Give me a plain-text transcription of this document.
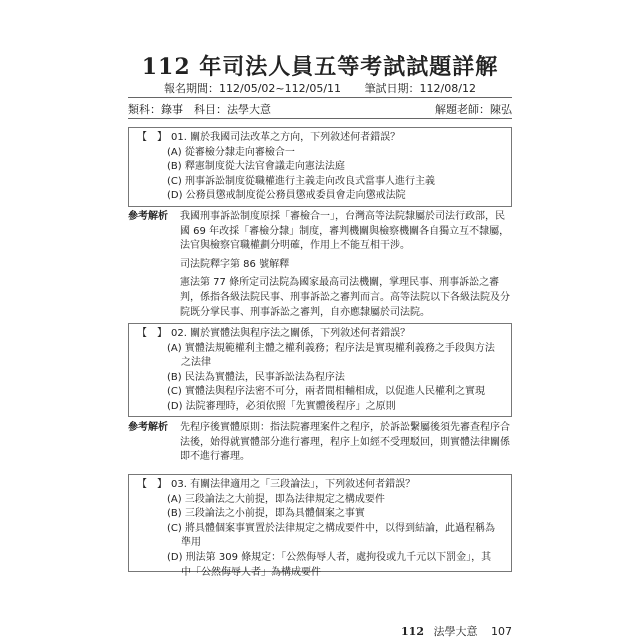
112 年司法人員五等考試試題詳解
報名期間：112/05/02~112/05/11 筆試日期：112/08/12
類科：錄事　科目：法學大意	解題老師：陳弘
【　】 01. 關於我國司法改革之方向，下列敘述何者錯誤？
(A) 從審檢分隸走向審檢合一
(B) 釋憲制度從大法官會議走向憲法法庭
(C) 刑事訴訟制度從職權進行主義走向改良式當事人進行主義
(D) 公務員懲戒制度從公務員懲戒委員會走向懲戒法院
參考解析 我國刑事訴訟制度原採「審檢合一」，台灣高等法院隸屬於司法行政部，民國 69 年改採「審檢分隸」制度，審判機關與檢察機關各自獨立互不隸屬，法官與檢察官職權劃分明確，作用上不能互相干涉。

司法院釋字第 86 號解釋

憲法第 77 條所定司法院為國家最高司法機關，掌理民事、刑事訴訟之審判，係指各級法院民事、刑事訴訟之審判而言。高等法院以下各級法院及分院既分掌民事、刑事訴訟之審判，自亦應隸屬於司法院。

【　】 02. 關於實體法與程序法之關係，下列敘述何者錯誤？
(A) 實體法規範權利主體之權利義務；程序法是實現權利義務之手段與方法之法律
(B) 民法為實體法，民事訴訟法為程序法
(C) 實體法與程序法密不可分，兩者間相輔相成，以促進人民權利之實現
(D) 法院審理時，必須依照「先實體後程序」之原則
參考解析 先程序後實體原則：指法院審理案件之程序，於訴訟繫屬後須先審查程序合法後，始得就實體部分進行審理，程序上如經不受理駁回，則實體法律關係即不進行審理。

【　】 03. 有關法律適用之「三段論法」，下列敘述何者錯誤？
(A) 三段論法之大前提，即為法律規定之構成要件
(B) 三段論法之小前提，即為具體個案之事實
(C) 將具體個案事實置於法律規定之構成要件中，以得到結論，此過程稱為準用
(D) 刑法第 309 條規定：「公然侮辱人者，處拘役或九千元以下罰金」，其中「公然侮辱人者」為構成要件
112 法學大意 107
